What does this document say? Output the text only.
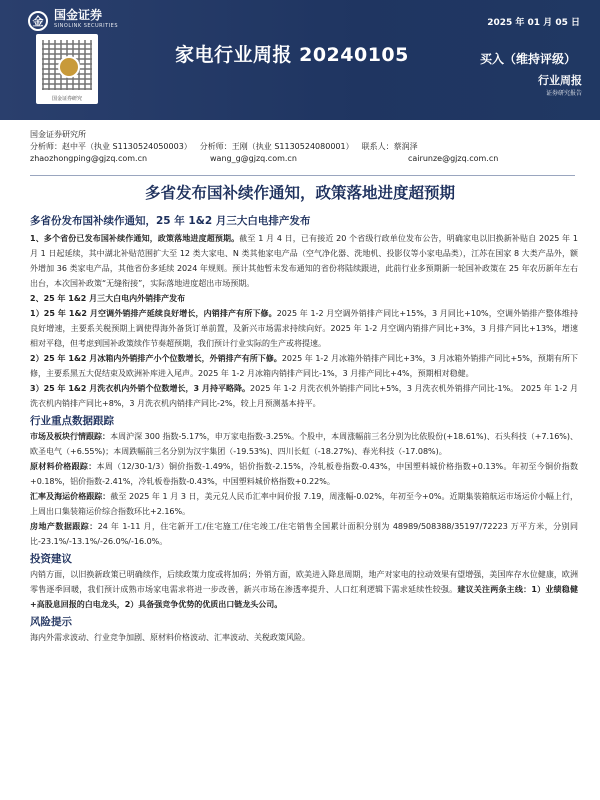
金 国金证券
SINOLINK SECURITIES	2025 年 01 月 05 日
国金证券研究
家电行业周报 20240105	买入（维持评级）
行业周报
证券研究报告
国金证券研究所
分析师：赵中平（执业 S1130524050003） 分析师：王刚（执业 S1130524080001） 联系人：蔡润泽
zhaozhongping@gjzq.com.cn	wang_g@gjzq.com.cn	cairunze@gjzq.com.cn
多省发布国补续作通知，政策落地进度超预期
多省份发布国补续作通知，25 年 1&2 月三大白电排产发布

1、多个省份已发布国补续作通知，政策落地进度超预期。截至 1 月 4 日，已有接近 20 个省级行政单位发布公告，明确家电以旧换新补贴自 2025 年 1 月 1 日起延续，其中湖北补贴范围扩大至 12 类大家电、N 类其他家电产品（空气净化器、洗地机、投影仪等小家电品类），江苏在国家 8 大类产品外，额外增加 36 类家电产品，其他省份多延续 2024 年规则。预计其他暂未发布通知的省份将陆续跟进，此前行业多预期新一轮国补政策在 25 年农历新年左右出台，本次国补政策“无缝衔接”，实际落地进度超出市场预期。

2、25 年 1&2 月三大白电内外销排产发布

1）25 年 1&2 月空调外销排产延续良好增长，内销排产有所下修。2025 年 1-2 月空调外销排产同比+15%，3 月同比+10%，空调外销排产整体维持良好增速，主要系关税预期上调使得海外备货订单前置，及新兴市场需求持续向好。2025 年 1-2 月空调内销排产同比+3%，3 月排产同比+13%，增速相对平稳，但考虑到国补政策续作节奏超预期，我们预计行业实际的生产或将提速。

2）25 年 1&2 月冰箱内外销排产小个位数增长，外销排产有所下修。2025 年 1-2 月冰箱外销排产同比+3%，3 月冰箱外销排产同比+5%，预期有所下修，主要系黑五大促结束及欧洲补库进入尾声。2025 年 1-2 月冰箱内销排产同比-1%，3 月排产同比+4%，预期相对稳健。

3）25 年 1&2 月洗衣机内外销个位数增长，3 月持平略降。2025 年 1-2 月洗衣机外销排产同比+5%，3 月洗衣机外销排产同比-1%。 2025 年 1-2 月洗衣机内销排产同比+8%，3 月洗衣机内销排产同比-2%，较上月预测基本持平。

行业重点数据跟踪

市场及板块行情跟踪：本周沪深 300 指数-5.17%，申万家电指数-3.25%。个股中，本周涨幅前三名分别为比依股份(+18.61%)、石头科技（+7.16%)、欧圣电气（+6.55%)；本周跌幅前三名分别为汉宇集团（-19.53%)、四川长虹（-18.27%)、春光科技（-17.08%)。

原材料价格跟踪：本周（12/30-1/3）铜价指数-1.49%，铝价指数-2.15%，冷轧板卷指数-0.43%，中国塑料城价格指数+0.13%。年初至今铜价指数+0.18%，铝价指数-2.41%，冷轧板卷指数-0.43%，中国塑料城价格指数+0.22%。

汇率及海运价格跟踪：截至 2025 年 1 月 3 日，美元兑人民币汇率中间价报 7.19，周涨幅-0.02%，年初至今+0%。近期集装箱航运市场运价小幅上行，上周出口集装箱运价综合指数环比+2.16%。

房地产数据跟踪：24 年 1-11 月，住宅新开工/住宅施工/住宅竣工/住宅销售全国累计面积分别为 48989/508388/35197/72223 万平方米，分别同比-23.1%/-13.1%/-26.0%/-16.0%。

投资建议

内销方面，以旧换新政策已明确续作，后续政策力度或将加码；外销方面，欧美进入降息周期，地产对家电的拉动效果有望增强，美国库存水位健康，欧洲零售逐季回暖，我们预计成熟市场家电需求将进一步改善，新兴市场在渗透率提升、人口红利逻辑下需求延续性较强。建议关注两条主线：1）业绩稳健+高股息回报的白电龙头，2）具备强竞争优势的优质出口链龙头公司。

风险提示

海内外需求波动、行业竞争加剧、原材料价格波动、汇率波动、关税政策风险。
